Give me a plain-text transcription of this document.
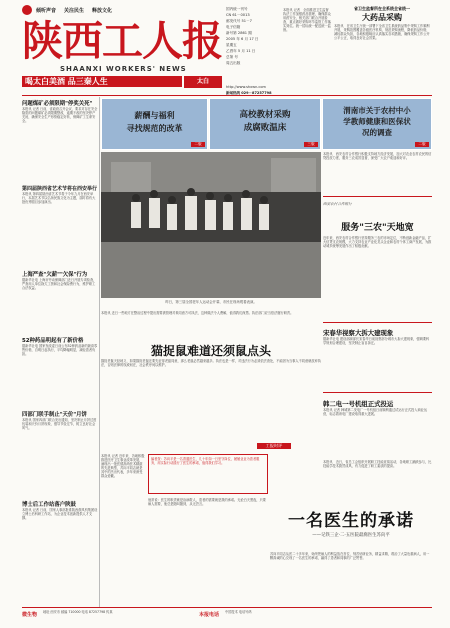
倾听声音 关注民生 释放文化
陕西工人报
SHAANXI WORKERS' NEWS
国内统一刊号
CN 61－0013
邮发代号 51－7
电子信箱
新号第 2861 期
2005 年 6 月 17 日
星期五
乙酉年 5 月 11 日
总第 号
周五出版
喝太白美酒 品三秦人生	太白
http://www.shxwn.com
新闻热线 029－87257798
本报讯 记者　全面推进卫生监督执法工作加强药品管理，确保群众用药安全，相关部门联合开展检查，重点做好采购环节监管工作落实到位。统一招标统一配送统一监督。
省卫生监督所在全系统全省统一
大药品采购
本报讯　在省卫生厅统一部署下全省卫生系统药品集中采购工作顺利开展，采购范围覆盖各级医疗机构，规范采购流程，降低药品价格，减轻群众负担，各地积极响应认真落实各项措施，确保采购工作公开公平公正，取得良好社会效果。
问题煤矿必须限期"停奖关死"
本报讯 记者 日前，省政府召开会议，要求对存在安全隐患的问题煤矿必须限期整改，逾期不改的坚决停产关闭，确保安全生产形势稳定好转，保障矿工生命安全。
第四届陕西省艺术节将在西安举行
本报讯 第四届陕西省艺术节将于今年九月在西安举行，本届艺术节以弘扬民族文化为主题，届时将有大批优秀剧目参加演出。
上海严查"欠薪""欠保"行为
据新华社电 上海市劳动保障部门近日开展专项检查，严查用人单位拖欠工资和社会保险费行为，维护职工合法权益。
52种药品明起有了新价格
据新华社电 国家发改委日前公布52种药品新的最高零售价格，自明日起执行，平均降幅明显，减轻患者负担。
四部门联手制止"天价"月饼
本报讯 国家四部门联合发出通知，坚决制止月饼过度包装和天价月饼现象，倡导节俭过节，树立良好社会风气。
博士后工作站落户陕鼓
本报讯 记者 日前，国家人事部批准陕西鼓风机集团设立博士后科研工作站，为企业技术创新提供人才支撑。
薪酬与福利
寻找规范的改革
二版
高校教材采购
成腐败温床
三版
渭南市关于农村中小
学教师健康和医保状
况的调查
二版
昨日，第三届全国老年人运动会开幕，市民在现场观看表演。
本报讯　西安农村合作银行积极支持地方经济发展，加大对农业农村农民的信贷投放力度，服务三农成效显著，深受广大农户欢迎和好评。
西安农村合作银行
服务"三农"天地宽
近年来，西安农村合作银行坚持服务三农的市场定位，不断创新金融产品，扩大信贷支农规模，大力支持农业产业化龙头企业和农村个体工商户发展，为推动城乡统筹发展作出了积极贡献。
宋春华视察大拆大建现象
据新华社电 建设部副部长宋春华日前视察部分城市大拆大建现象，强调要科学规划合理建设，坚决制止盲目拆迁。
韩二电一号机组正式投运
本报讯 记者 韩城第二发电厂一号机组日前顺利通过试运行正式投入商业运营，标志着该电厂建设取得重大进展。
本报讯 近日一些地方在整治过程中提出需要被管理对象同意方可执法，这种做法令人费解，值得我们深思。执法部门应当依法履行职责。
猫捉鼠难道还须鼠点头
猫捉老鼠天经地义，如果猫捉老鼠还要先征得老鼠同意，那么老鼠必然越来越多。执法也是一样，对违法行为必须依法查处，不能因为当事人不同意就放弃执法，否则法律的权威何在，社会秩序何以维护。
工报时评
编者按：苏向平是一名普通医生，几十年如一日坚守岗位，兢兢业业为患者服务，用实际行动践行了医生的承诺，值得我们学习。
本报讯 记者 近年来，各地积极推进医疗卫生事业改革发展，涌现出一批医德高尚医术精湛的先进典型，苏向平同志就是其中的杰出代表，多年来深受群众爱戴。
他常说：医生的职责就是治病救人，患者的需要就是我的承诺。无论白天黑夜，只要病人需要，他总是随叫随到，从无怨言。
一名医生的承诺
——记铁三企·二·五医院最腐医生苏向平
苏向平同志从医二十多年来，始终把病人的利益放在首位，刻苦钻研业务，精益求精，救治了大量危重病人，用一颗真诚的心兑现了一名医生的承诺，赢得了患者和同事的广泛赞誉。
本报讯　近日，省总工会组织开展职工技能竞赛活动，各地职工踊跃参与，比技能学技术蔚然成风，有力促进了职工素质的提高。
微生物 地址 西安市 邮编 710000 电话 87257798 传真	本报电话 中国技术 电话号码
